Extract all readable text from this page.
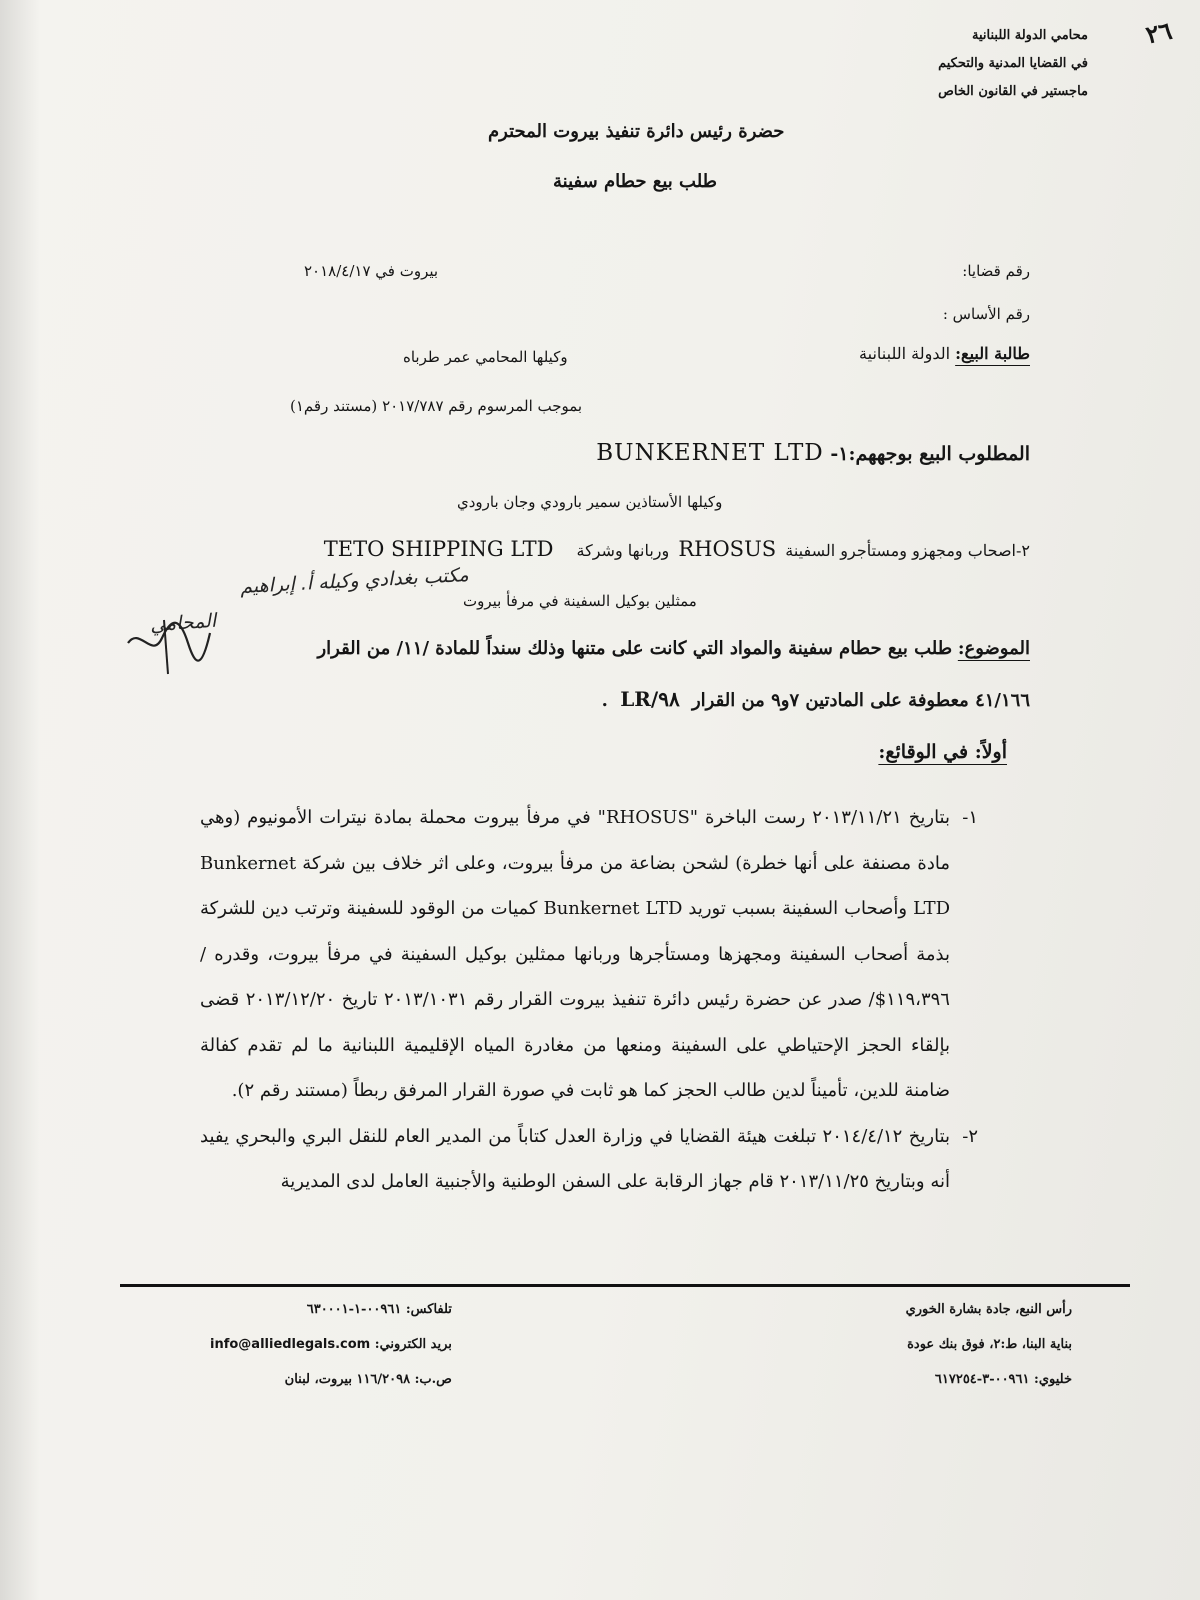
محامي الدولة اللبنانية
في القضايا المدنية والتحكيم
ماجستير في القانون الخاص
٢٦
حضرة رئيس دائرة تنفيذ بيروت المحترم
طلب بيع حطام سفينة
رقم قضايا:
بيروت في ٢٠١٨/٤/١٧
رقم الأساس :
طالبة البيع: الدولة اللبنانية
وكيلها المحامي عمر طرباه
بموجب المرسوم رقم ٢٠١٧/٧٨٧ (مستند رقم١)
المطلوب البيع بوجههم:١- BUNKERNET LTD
وكيلها الأستاذين سمير بارودي وجان بارودي
٢-اصحاب ومجهزو ومستأجرو السفينة RHOSUS وربانها وشركة TETO SHIPPING LTD
ممثلين بوكيل السفينة في مرفأ بيروت
مكتب بغدادي وكيله أ. إبراهيم
المحامي
الموضوع: طلب بيع حطام سفينة والمواد التي كانت على متنها وذلك سنداً للمادة /١١/ من القرار
٤١/١٦٦ معطوفة على المادتين ٧و٩ من القرار LR/٩٨ .
أولاً: في الوقائع:

١-
بتاريخ ٢٠١٣/١١/٢١ رست الباخرة "RHOSUS" في مرفأ بيروت محملة بمادة نيترات الأمونيوم (وهي مادة مصنفة على أنها خطرة) لشحن بضاعة من مرفأ بيروت، وعلى اثر خلاف بين شركة Bunkernet LTD وأصحاب السفينة بسبب توريد Bunkernet LTD كميات من الوقود للسفينة وترتب دين للشركة بذمة أصحاب السفينة ومجهزها ومستأجرها وربانها ممثلين بوكيل السفينة في مرفأ بيروت، وقدره /١١٩،٣٩٦$/ صدر عن حضرة رئيس دائرة تنفيذ بيروت القرار رقم ٢٠١٣/١٠٣١ تاريخ ٢٠١٣/١٢/٢٠ قضى بإلقاء الحجز الإحتياطي على السفينة ومنعها من مغادرة المياه الإقليمية اللبنانية ما لم تقدم كفالة ضامنة للدين، تأميناً لدين طالب الحجز كما هو ثابت في صورة القرار المرفق ربطاً (مستند رقم ٢).

٢-
بتاريخ ٢٠١٤/٤/١٢ تبلغت هيئة القضايا في وزارة العدل كتاباً من المدير العام للنقل البري والبحري يفيد أنه وبتاريخ ٢٠١٣/١١/٢٥ قام جهاز الرقابة على السفن الوطنية والأجنبية العامل لدى المديرية

رأس النبع، جادة بشارة الخوري
بناية البنا، ط:٢، فوق بنك عودة
خليوي: ٠٠٩٦١-٣-٦١٧٢٥٤
تلفاكس: ٠٠٩٦١-١-٦٣٠٠٠١
بريد الكتروني: info@alliedlegals.com
ص.ب: ١١٦/٢٠٩٨ بيروت، لبنان
